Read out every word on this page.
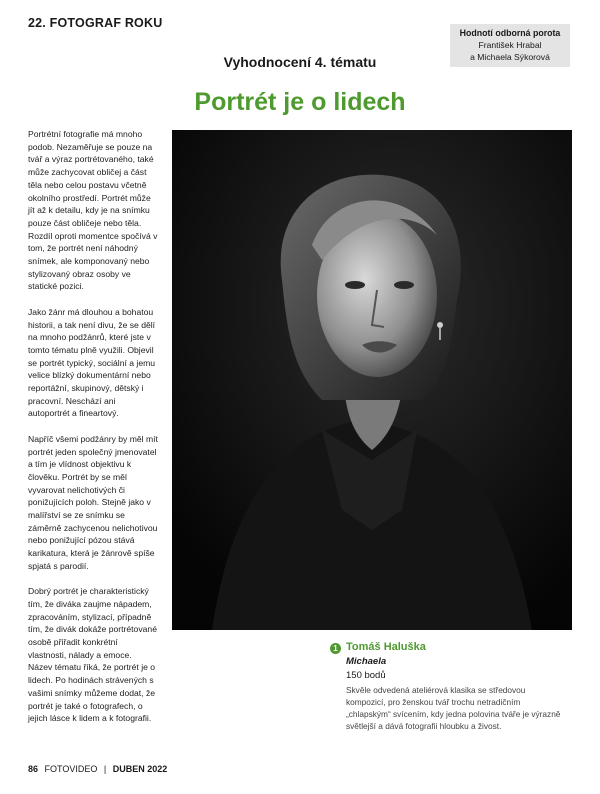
22. FOTOGRAF ROKU
Hodnotí odborná porota
František Hrabal
a Michaela Sýkorová
Vyhodnocení 4. tématu
Portrét je o lidech

Portrétní fotografie má mnoho podob. Nezaměřuje se pouze na tvář a výraz portrétovaného, také může zachycovat obličej a část těla nebo celou postavu včetně okolního prostředí. Portrét může jít až k detailu, kdy je na snímku pouze část obličeje nebo těla. Rozdíl oproti momentce spočívá v tom, že portrét není náhodný snímek, ale komponovaný nebo stylizovaný obraz osoby ve statické pozici.

Jako žánr má dlouhou a bohatou historii, a tak není divu, že se dělí na mnoho podžánrů, které jste v tomto tématu plně využili. Objevil se portrét typický, sociální a jemu velice blízký dokumentární nebo reportážní, skupinový, dětský i pracovní. Neschází ani autoportrét a fineartový.

Napříč všemi podžánry by měl mít portrét jeden společný jmenovatel a tím je vlídnost objektivu k člověku. Portrét by se měl vyvarovat nelichotivých či ponižujících poloh. Stejně jako v malířství se ze snímku se záměrně zachycenou nelichotivou nebo ponižující pózou stává karikatura, která je žánrově spíše spjatá s parodií.

Dobrý portrét je charakteristický tím, že diváka zaujme nápadem, zpracováním, stylizací, případně tím, že divák dokáže portrétované osobě přiřadit konkrétní vlastnosti, nálady a emoce. Název tématu říká, že portrét je o lidech. Po hodinách strávených s vašimi snímky můžeme dodat, že portrét je také o fotografech, o jejich lásce k lidem a k fotografii.

1 Tomáš Haluška
Michaela
150 bodů
Skvěle odvedená ateliérová klasika se středovou kompozicí, pro ženskou tvář trochu netradičním „chlapským“ svícením, kdy jedna polovina tváře je výrazně světlejší a dává fotografii hloubku a živost.
86 FOTOVIDEO | DUBEN 2022
